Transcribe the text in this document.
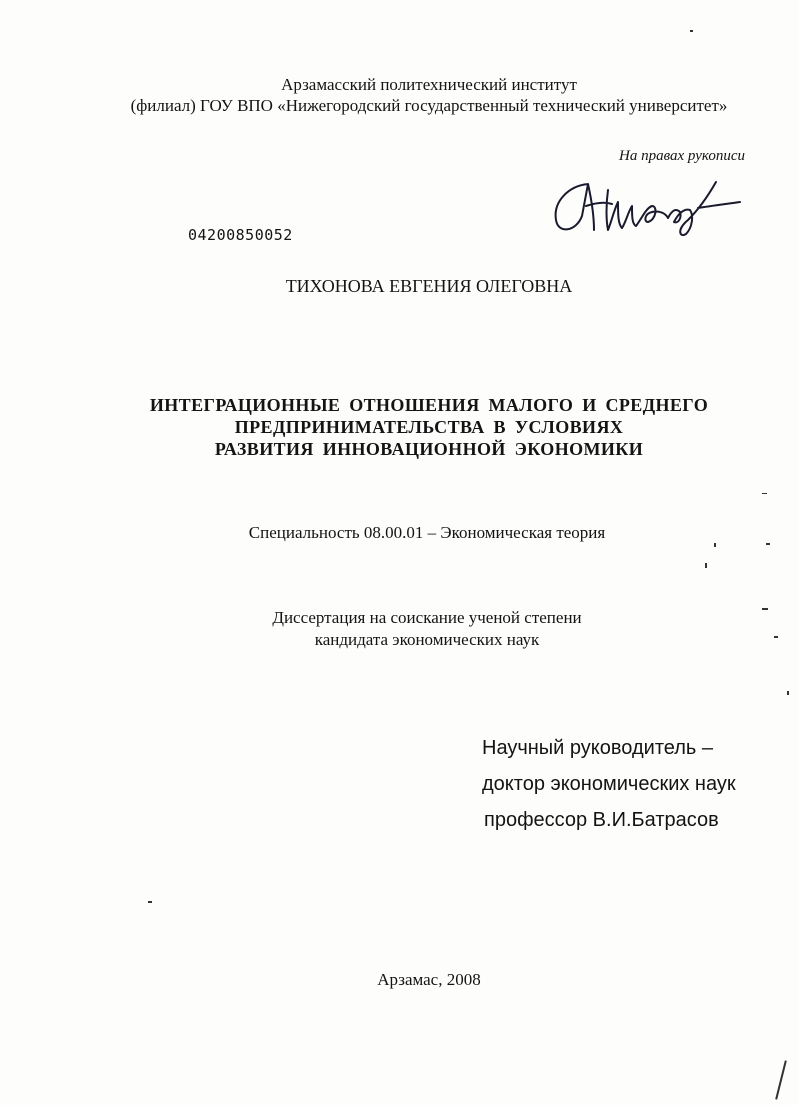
Арзамасский политехнический институт
(филиал) ГОУ ВПО «Нижегородский государственный технический университет»
На правах рукописи
04200850052
ТИХОНОВА ЕВГЕНИЯ ОЛЕГОВНА
ИНТЕГРАЦИОННЫЕ ОТНОШЕНИЯ МАЛОГО И СРЕДНЕГО
ПРЕДПРИНИМАТЕЛЬСТВА В УСЛОВИЯХ
РАЗВИТИЯ ИННОВАЦИОННОЙ ЭКОНОМИКИ
Специальность 08.00.01 – Экономическая теория
Диссертация на соискание ученой степени
кандидата экономических наук
Научный руководитель –
доктор экономических наук
профессор В.И.Батрасов
Арзамас, 2008
